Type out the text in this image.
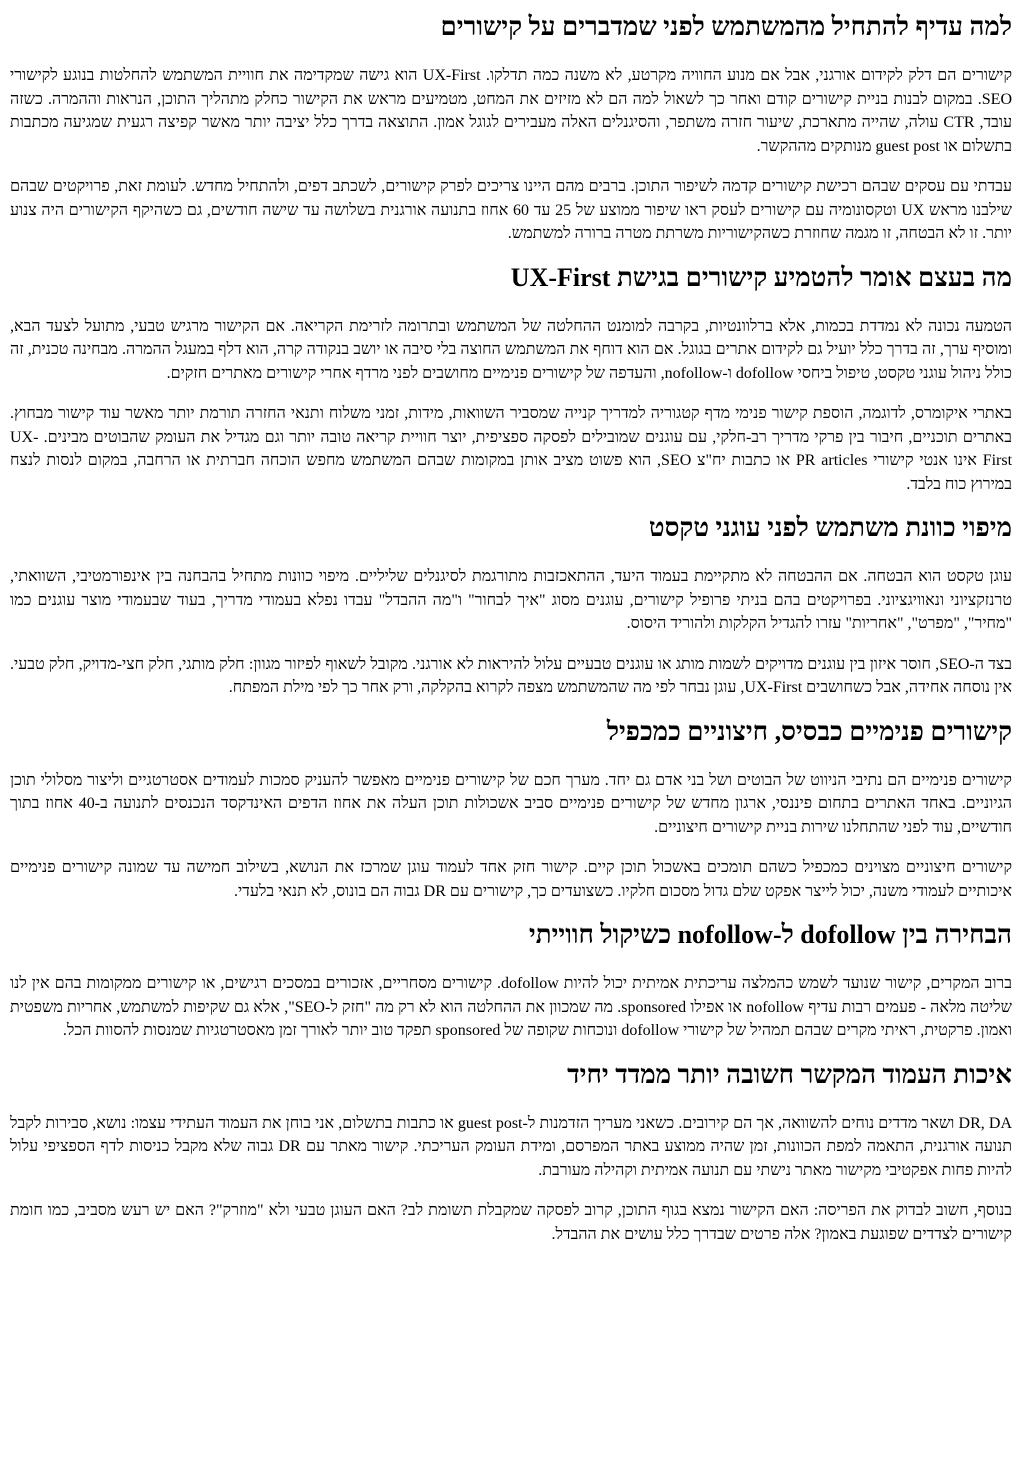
למה עדיף להתחיל מהמשתמש לפני שמדברים על קישורים

קישורים הם דלק לקידום אורגני, אבל אם מנוע החוויה מקרטע, לא משנה כמה תדלקו. UX-First הוא גישה שמקדימה את חוויית המשתמש להחלטות בנוגע לקישורי SEO. במקום לבנות בניית קישורים קודם ואחר כך לשאול למה הם לא מזיזים את המחט, מטמיעים מראש את הקישור כחלק מתהליך התוכן, הנראות וההמרה. כשזה עובד, CTR עולה, שהייה מתארכת, שיעור חזרה משתפר, והסיגנלים האלה מעבירים לגוגל אמון. התוצאה בדרך כלל יציבה יותר מאשר קפיצה רגעית שמגיעה מכתבות בתשלום או guest post מנותקים מההקשר.

עבדתי עם עסקים שבהם רכישת קישורים קדמה לשיפור התוכן. ברבים מהם היינו צריכים לפרק קישורים, לשכתב דפים, ולהתחיל מחדש. לעומת זאת, פרויקטים שבהם שילבנו מראש UX וטקסונומיה עם קישורים לעסק ראו שיפור ממוצע של 25 עד 60 אחוז בתנועה אורגנית בשלושה עד שישה חודשים, גם כשהיקף הקישורים היה צנוע יותר. זו לא הבטחה, זו מגמה שחוזרת כשהקישוריות משרתת מטרה ברורה למשתמש.

מה בעצם אומר להטמיע קישורים בגישת UX-First

הטמעה נכונה לא נמדדת בכמות, אלא ברלוונטיות, בקרבה למומנט ההחלטה של המשתמש ובתרומה לזרימת הקריאה. אם הקישור מרגיש טבעי, מתועל לצעד הבא, ומוסיף ערך, זה בדרך כלל יועיל גם לקידום אתרים בגוגל. אם הוא דוחף את המשתמש החוצה בלי סיבה או יושב בנקודה קרה, הוא דלף במעגל ההמרה. מבחינה טכנית, זה כולל ניהול עוגני טקסט, טיפול ביחסי dofollow ו-nofollow, והעדפה של קישורים פנימיים מחושבים לפני מרדף אחרי קישורים מאתרים חזקים.

באתרי איקומרס, לדוגמה, הוספת קישור פנימי מדף קטגוריה למדריך קנייה שמסביר השוואות, מידות, זמני משלוח ותנאי החזרה תורמת יותר מאשר עוד קישור מבחוץ. באתרים תוכניים, חיבור בין פרקי מדריך רב-חלקי, עם עוגנים שמובילים לפסקה ספציפית, יוצר חוויית קריאה טובה יותר וגם מגדיל את העומק שהבוטים מבינים. UX-First אינו אנטי קישורי PR articles או כתבות יח"צ SEO, הוא פשוט מציב אותן במקומות שבהם המשתמש מחפש הוכחה חברתית או הרחבה, במקום לנסות לנצח במירוץ כוח בלבד.

מיפוי כוונת משתמש לפני עוגני טקסט

עוגן טקסט הוא הבטחה. אם ההבטחה לא מתקיימת בעמוד היעד, ההתאכזבות מתורגמת לסיגנלים שליליים. מיפוי כוונות מתחיל בהבחנה בין אינפורמטיבי, השוואתי, טרנזקציוני ונאוויגציוני. בפרויקטים בהם בניתי פרופיל קישורים, עוגנים מסוג "איך לבחור" ו"מה ההבדל" עבדו נפלא בעמודי מדריך, בעוד שבעמודי מוצר עוגנים כמו "מחיר", "מפרט", "אחריות" עזרו להגדיל הקלקות ולהוריד היסוס.

בצד ה-SEO, חוסר איזון בין עוגנים מדויקים לשמות מותג או עוגנים טבעיים עלול להיראות לא אורגני. מקובל לשאוף לפיזור מגוון: חלק מותגי, חלק חצי-מדויק, חלק טבעי. אין נוסחה אחידה, אבל כשחושבים UX-First, עוגן נבחר לפי מה שהמשתמש מצפה לקרוא בהקלקה, ורק אחר כך לפי מילת המפתח.

קישורים פנימיים כבסיס, חיצוניים כמכפיל

קישורים פנימיים הם נתיבי הניווט של הבוטים ושל בני אדם גם יחד. מערך חכם של קישורים פנימיים מאפשר להעניק סמכות לעמודים אסטרטגיים וליצור מסלולי תוכן הגיוניים. באחד האתרים בתחום פיננסי, ארגון מחדש של קישורים פנימיים סביב אשכולות תוכן העלה את אחוז הדפים האינדקסד הנכנסים לתנועה ב-40 אחוז בתוך חודשיים, עוד לפני שהתחלנו שירות בניית קישורים חיצוניים.

קישורים חיצוניים מצוינים כמכפיל כשהם תומכים באשכול תוכן קיים. קישור חזק אחד לעמוד עוגן שמרכז את הנושא, בשילוב חמישה עד שמונה קישורים פנימיים איכותיים לעמודי משנה, יכול לייצר אפקט שלם גדול מסכום חלקיו. כשצועדים כך, קישורים עם DR גבוה הם בונוס, לא תנאי בלעדי.

הבחירה בין dofollow ל-nofollow כשיקול חווייתי

ברוב המקרים, קישור שנועד לשמש כהמלצה עריכתית אמיתית יכול להיות dofollow. קישורים מסחריים, אזכורים במסכים רגישים, או קישורים ממקומות בהם אין לנו שליטה מלאה - פעמים רבות עדיף nofollow או אפילו sponsored. מה שמכוון את ההחלטה הוא לא רק מה "חזק ל-SEO", אלא גם שקיפות למשתמש, אחריות משפטית ואמון. פרקטית, ראיתי מקרים שבהם תמהיל של קישורי dofollow ונוכחות שקופה של sponsored תפקד טוב יותר לאורך זמן מאסטרטגיות שמנסות להסוות הכל.

איכות העמוד המקשר חשובה יותר ממדד יחיד

DR, DA ושאר מדדים נוחים להשוואה, אך הם קירובים. כשאני מעריך הזדמנות ל-guest post או כתבות בתשלום, אני בוחן את העמוד העתידי עצמו: נושא, סבירות לקבל תנועה אורגנית, התאמה למפת הכוונות, זמן שהיה ממוצע באתר המפרסם, ומידת העומק העריכתי. קישור מאתר עם DR גבוה שלא מקבל כניסות לדף הספציפי עלול להיות פחות אפקטיבי מקישור מאתר נישתי עם תנועה אמיתית וקהילה מעורבת.

בנוסף, חשוב לבדוק את הפריסה: האם הקישור נמצא בגוף התוכן, קרוב לפסקה שמקבלת תשומת לב? האם העוגן טבעי ולא "מוזרק"? האם יש רעש מסביב, כמו חומת קישורים לצדדים שפוגעת באמון? אלה פרטים שבדרך כלל עושים את ההבדל.
